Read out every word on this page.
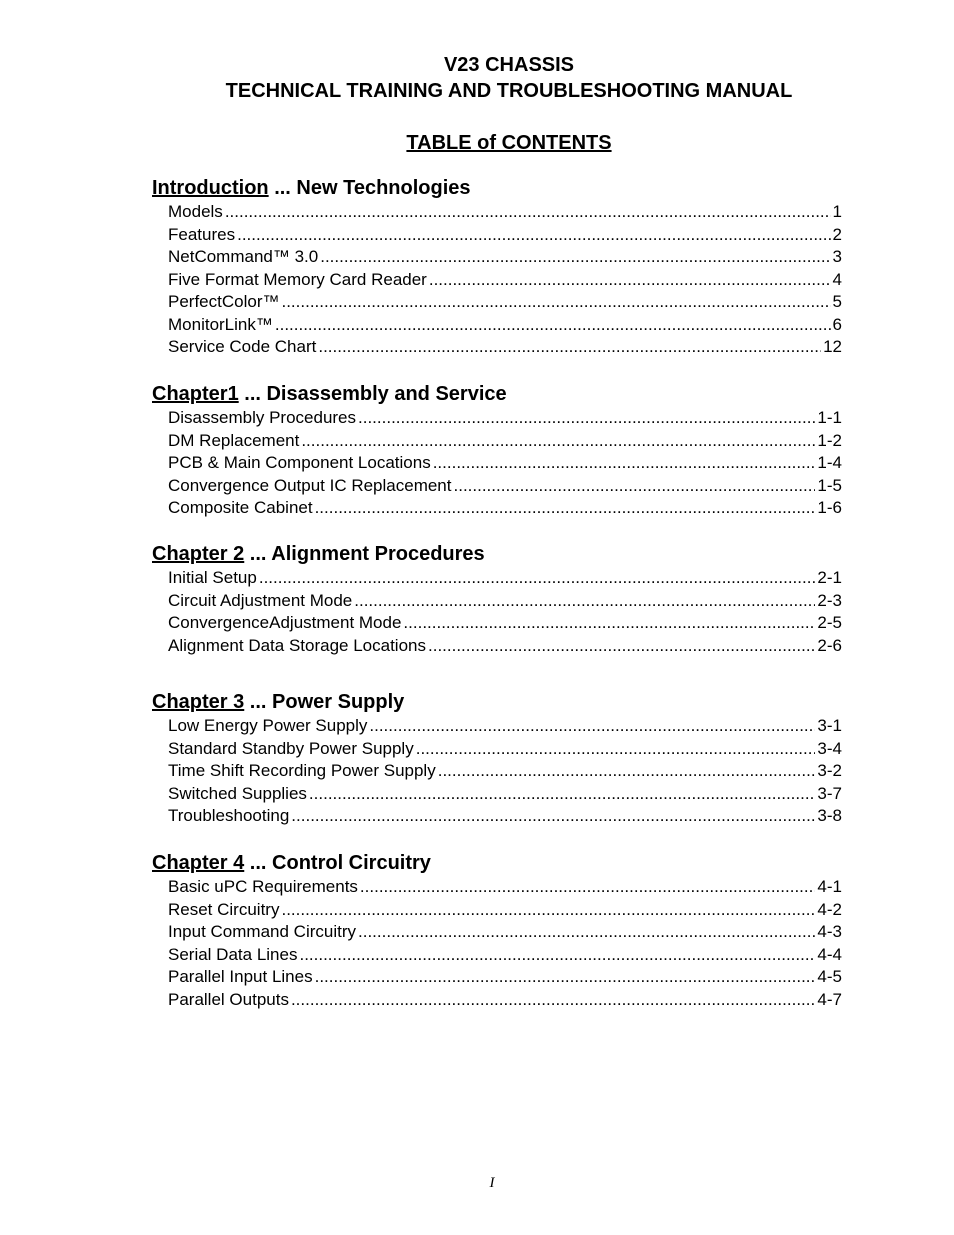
V23 CHASSIS
TECHNICAL TRAINING AND TROUBLESHOOTING MANUAL
TABLE of CONTENTS
Introduction ... New Technologies
Models .....	1
Features .....	2
NetCommand™ 3.0 .....	3
Five Format Memory Card Reader .....	4
PerfectColor™ .....	5
MonitorLink™ .....	6
Service Code Chart .....	12
Chapter1 ... Disassembly and Service
Disassembly Procedures .....	1-1
DM Replacement .....	1-2
PCB & Main Component Locations .....	1-4
Convergence Output IC Replacement .....	1-5
Composite Cabinet .....	1-6
Chapter 2 ... Alignment Procedures
Initial Setup .....	2-1
Circuit Adjustment Mode .....	2-3
ConvergenceAdjustment Mode .....	2-5
Alignment Data Storage Locations .....	2-6
Chapter 3 ... Power Supply
Low Energy Power Supply .....	3-1
Standard Standby Power Supply .....	3-4
Time Shift Recording Power Supply .....	3-2
Switched Supplies .....	3-7
Troubleshooting .....	3-8
Chapter 4 ... Control Circuitry
Basic uPC Requirements .....	4-1
Reset Circuitry .....	4-2
Input Command Circuitry .....	4-3
Serial Data Lines .....	4-4
Parallel Input Lines .....	4-5
Parallel Outputs .....	4-7
I
